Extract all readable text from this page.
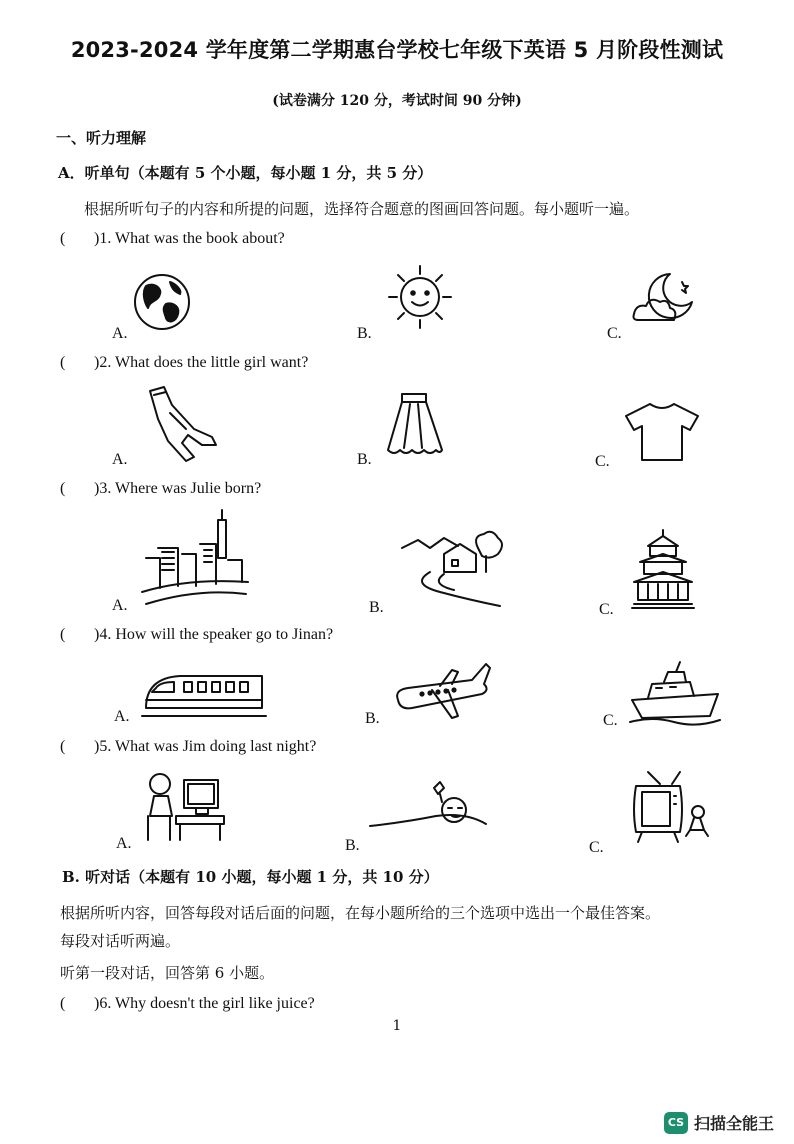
2023-2024 学年度第二学期惠台学校七年级下英语 5 月阶段性测试
(试卷满分 120 分，考试时间 90 分钟)
一、听力理解
A．听单句（本题有 5 个小题，每小题 1 分，共 5 分）
根据所听句子的内容和所提的问题，选择符合题意的图画回答问题。每小题听一遍。
( )1. What was the book about?
A.	B.	C.
( )2. What does the little girl want?
A.	B.	C.
( )3. Where was Julie born?
A.	B.	C.
( )4. How will the speaker go to Jinan?
A.	B.	C.
( )5. What was Jim doing last night?
A.	B.	C.
B. 听对话（本题有 10 小题，每小题 1 分，共 10 分）
根据所听内容，回答每段对话后面的问题，在每小题所给的三个选项中选出一个最佳答案。
每段对话听两遍。
听第一段对话，回答第 6 小题。
( )6. Why doesn't the girl like juice?
1
CS 扫描全能王
